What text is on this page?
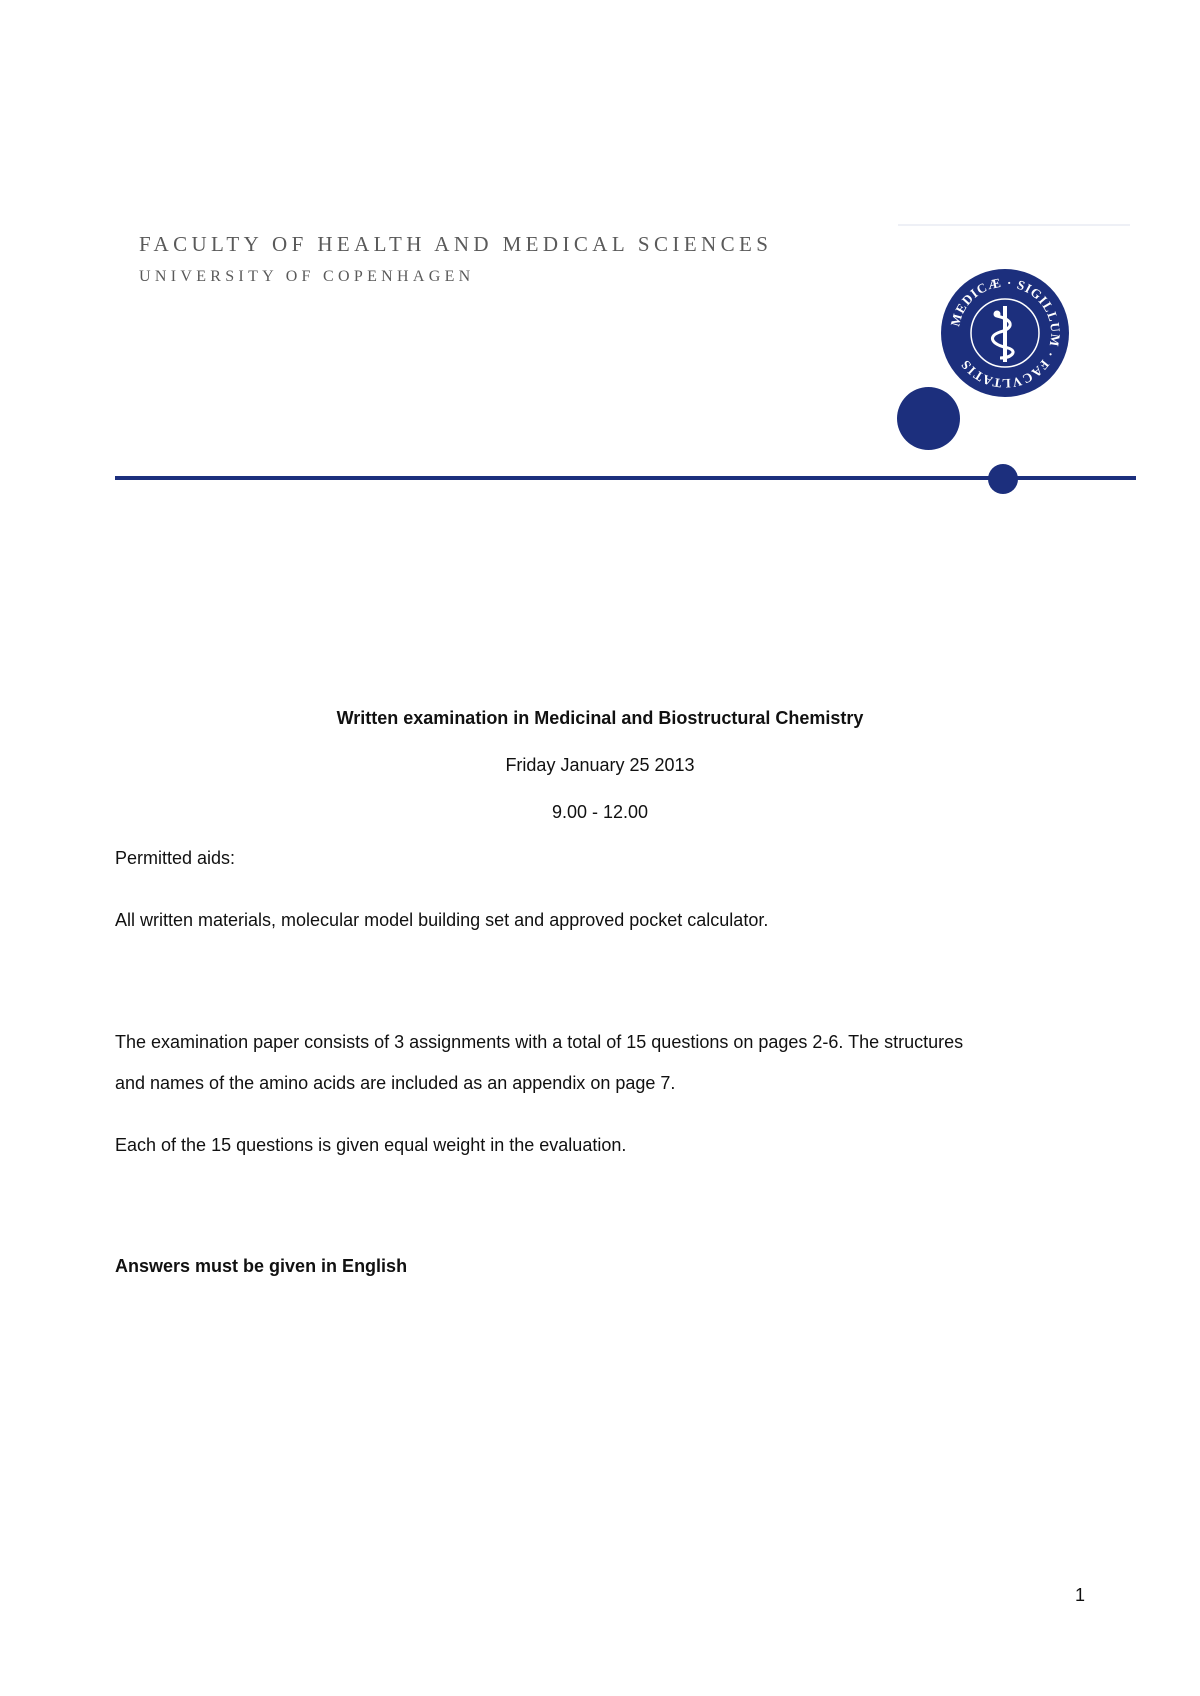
FACULTY OF HEALTH AND MEDICAL SCIENCES
UNIVERSITY OF COPENHAGEN
MEDICÆ · SIGILLUM · FACVLTATIS
Written examination in Medicinal and Biostructural Chemistry
Friday January 25 2013
9.00 - 12.00
Permitted aids:
All written materials, molecular model building set and approved pocket calculator.
The examination paper consists of 3 assignments with a total of 15 questions on pages 2-6. The structures
and names of the amino acids are included as an appendix on page 7.
Each of the 15 questions is given equal weight in the evaluation.
Answers must be given in English
1
